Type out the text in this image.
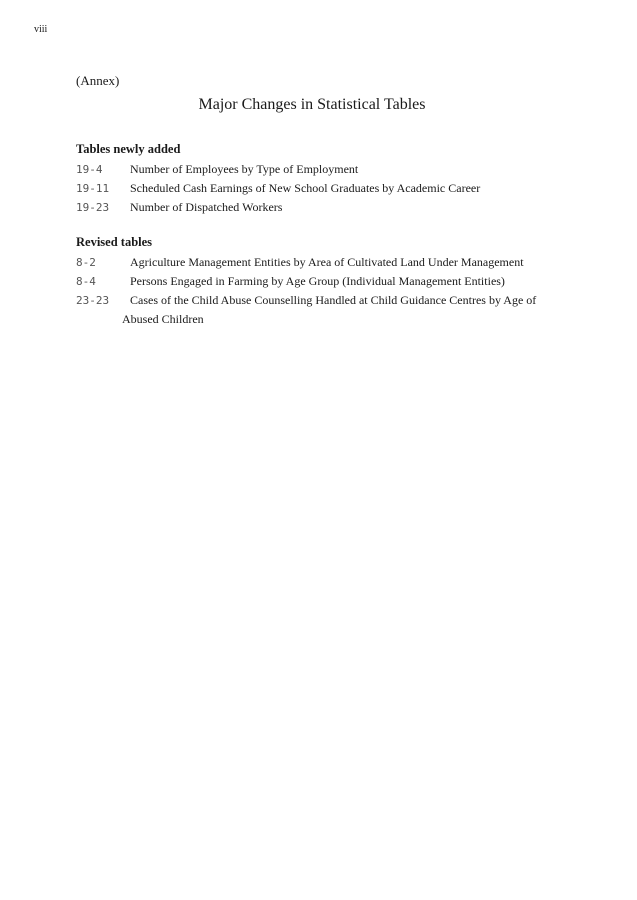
viii
(Annex)
Major Changes in Statistical Tables
Tables newly added
19-4 Number of Employees by Type of Employment
19-11 Scheduled Cash Earnings of New School Graduates by Academic Career
19-23 Number of Dispatched Workers
Revised tables
8-2	Agriculture Management Entities by Area of Cultivated Land Under Management
8-4	Persons Engaged in Farming by Age Group (Individual Management Entities)
23-23 Cases of the Child Abuse Counselling Handled at Child Guidance Centres by Age of
Abused Children
